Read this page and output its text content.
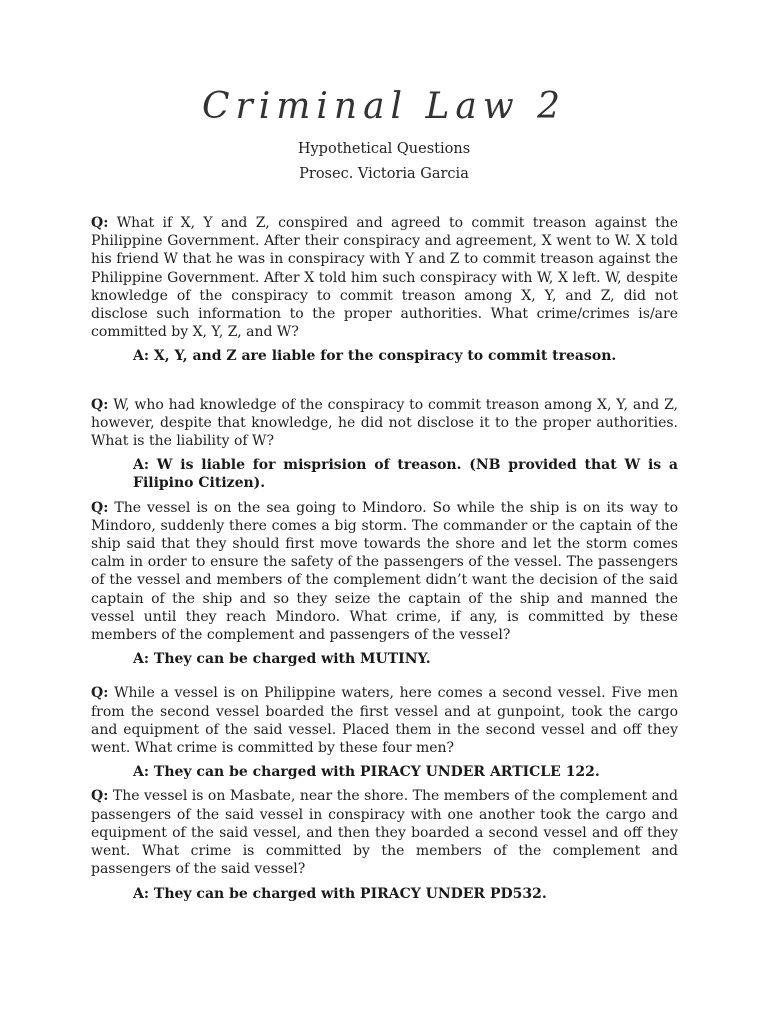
Criminal Law 2
Hypothetical Questions
Prosec. Victoria Garcia

Q: What if X, Y and Z, conspired and agreed to commit treason against the Philippine Government. After their conspiracy and agreement, X went to W. X told his friend W that he was in conspiracy with Y and Z to commit treason against the Philippine Government. After X told him such conspiracy with W, X left. W, despite knowledge of the conspiracy to commit treason among X, Y, and Z, did not disclose such information to the proper authorities. What crime/crimes is/are committed by X, Y, Z, and W?

A: X, Y, and Z are liable for the conspiracy to commit treason.

Q: W, who had knowledge of the conspiracy to commit treason among X, Y, and Z, however, despite that knowledge, he did not disclose it to the proper authorities. What is the liability of W?

A: W is liable for misprision of treason. (NB provided that W is a Filipino Citizen).

Q: The vessel is on the sea going to Mindoro. So while the ship is on its way to Mindoro, suddenly there comes a big storm. The commander or the captain of the ship said that they should first move towards the shore and let the storm comes calm in order to ensure the safety of the passengers of the vessel. The passengers of the vessel and members of the complement didn’t want the decision of the said captain of the ship and so they seize the captain of the ship and manned the vessel until they reach Mindoro. What crime, if any, is committed by these members of the complement and passengers of the vessel?

A: They can be charged with MUTINY.

Q: While a vessel is on Philippine waters, here comes a second vessel. Five men from the second vessel boarded the first vessel and at gunpoint, took the cargo and equipment of the said vessel. Placed them in the second vessel and off they went. What crime is committed by these four men?

A: They can be charged with PIRACY UNDER ARTICLE 122.

Q: The vessel is on Masbate, near the shore. The members of the complement and passengers of the said vessel in conspiracy with one another took the cargo and equipment of the said vessel, and then they boarded a second vessel and off they went. What crime is committed by the members of the complement and passengers of the said vessel?

A: They can be charged with PIRACY UNDER PD532.
